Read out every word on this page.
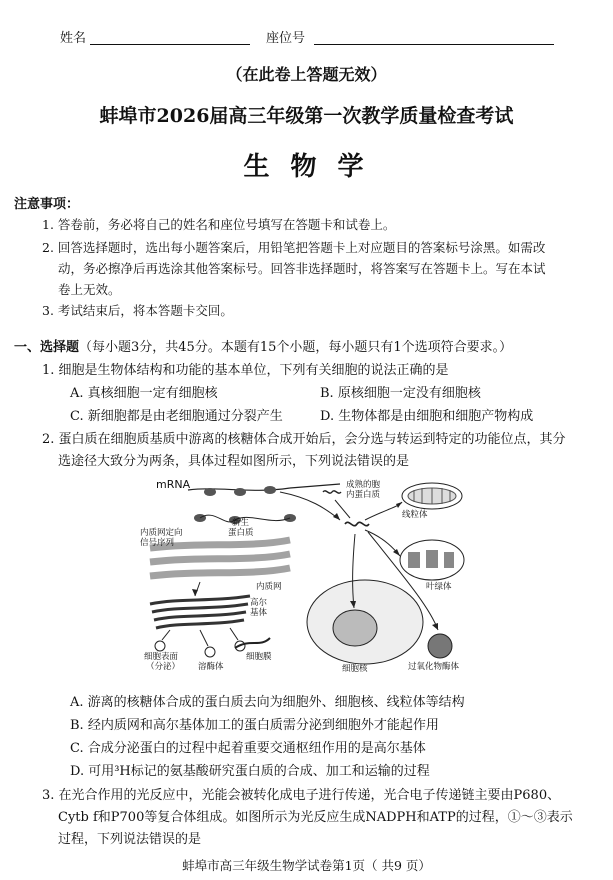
姓名	座位号
（在此卷上答题无效）
蚌埠市2026届高三年级第一次教学质量检查考试
生 物 学
注意事项：
1. 答卷前，务必将自己的姓名和座位号填写在答题卡和试卷上。
2. 回答选择题时，选出每小题答案后，用铅笔把答题卡上对应题目的答案标号涂黑。如需改
动，务必擦净后再选涂其他答案标号。回答非选择题时，将答案写在答题卡上。写在本试
卷上无效。
3. 考试结束后，将本答题卡交回。
一、选择题（每小题3分，共45分。本题有15个小题，每小题只有1个选项符合要求。）
1. 细胞是生物体结构和功能的基本单位，下列有关细胞的说法正确的是
A. 真核细胞一定有细胞核	B. 原核细胞一定没有细胞核
C. 新细胞都是由老细胞通过分裂产生	D. 生物体都是由细胞和细胞产物构成
2. 蛋白质在细胞质基质中游离的核糖体合成开始后，会分选与转运到特定的功能位点，其分
选途径大致分为两条，具体过程如图所示，下列说法错误的是
mRNA	成熟的胞
内蛋白质
线粒体
内质网定向
信号序列
新生
蛋白质
内质网	叶绿体
高尔
基体
细胞表面
（分泌） 溶酶体
细胞膜
细胞核	过氧化物酶体
A. 游离的核糖体合成的蛋白质去向为细胞外、细胞核、线粒体等结构
B. 经内质网和高尔基体加工的蛋白质需分泌到细胞外才能起作用
C. 合成分泌蛋白的过程中起着重要交通枢纽作用的是高尔基体
D. 可用³H标记的氨基酸研究蛋白质的合成、加工和运输的过程
3. 在光合作用的光反应中，光能会被转化成电子进行传递，光合电子传递链主要由P680、
Cytb f和P700等复合体组成。如图所示为光反应生成NADPH和ATP的过程，①～③表示
过程，下列说法错误的是
蚌埠市高三年级生物学试卷第1页（ 共9 页）
